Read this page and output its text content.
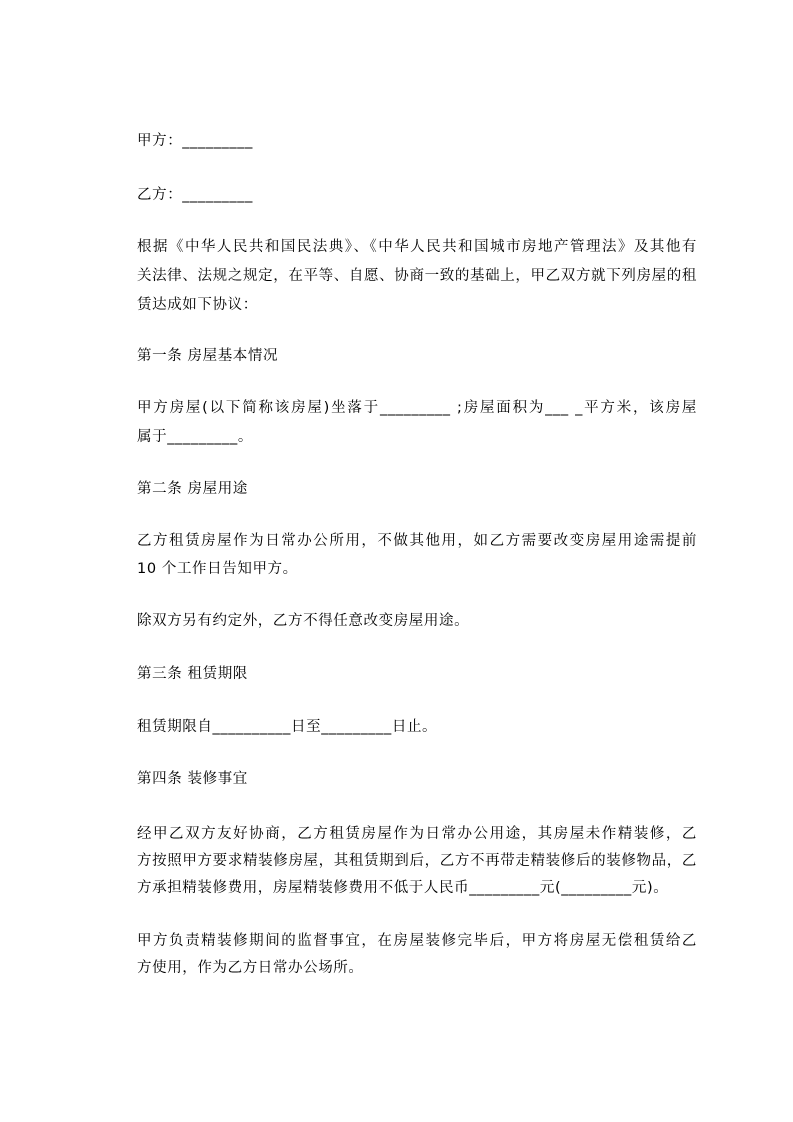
甲方：_________
乙方：_________
根据《中华人民共和国民法典》、《中华人民共和国城市房地产管理法》及其他有
关法律、法规之规定，在平等、自愿、协商一致的基础上，甲乙双方就下列房屋的租
赁达成如下协议：
第一条 房屋基本情况
甲方房屋(以下简称该房屋)坐落于_________ ;房屋面积为___ _平方米，该房屋
属于_________。
第二条 房屋用途
乙方租赁房屋作为日常办公所用，不做其他用，如乙方需要改变房屋用途需提前
10 个工作日告知甲方。
除双方另有约定外，乙方不得任意改变房屋用途。
第三条 租赁期限
租赁期限自__________日至_________日止。
第四条 装修事宜
经甲乙双方友好协商，乙方租赁房屋作为日常办公用途，其房屋未作精装修，乙
方按照甲方要求精装修房屋，其租赁期到后，乙方不再带走精装修后的装修物品，乙
方承担精装修费用，房屋精装修费用不低于人民币_________元(_________元)。
甲方负责精装修期间的监督事宜，在房屋装修完毕后，甲方将房屋无偿租赁给乙
方使用，作为乙方日常办公场所。
